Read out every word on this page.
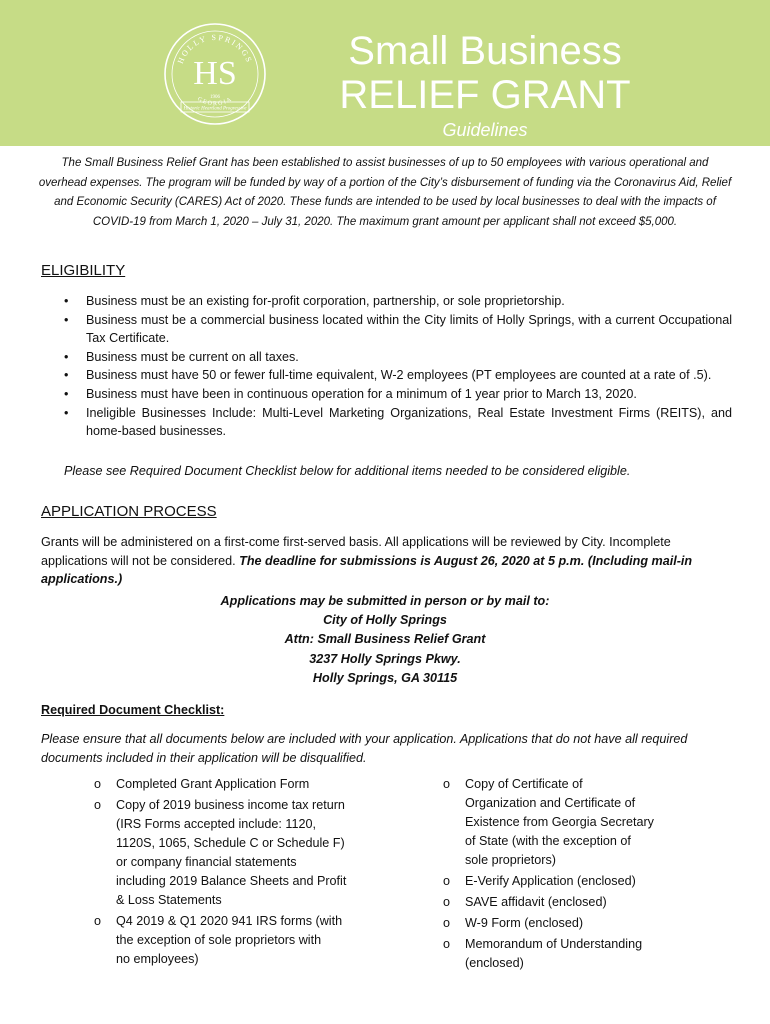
HOLLY SPRINGS
GEORGIA
HS
1906
Historic Heartland Progressive
Small Business
RELIEF GRANT
Guidelines
The Small Business Relief Grant has been established to assist businesses of up to 50 employees with various operational and overhead expenses. The program will be funded by way of a portion of the City’s disbursement of funding via the Coronavirus Aid, Relief and Economic Security (CARES) Act of 2020. These funds are intended to be used by local businesses to deal with the impacts of COVID-19 from March 1, 2020 – July 31, 2020. The maximum grant amount per applicant shall not exceed $5,000.
ELIGIBILITY
• Business must be an existing for-profit corporation, partnership, or sole proprietorship.
• Business must be a commercial business located within the City limits of Holly Springs, with a current Occupational Tax Certificate.
• Business must be current on all taxes.
• Business must have 50 or fewer full-time equivalent, W-2 employees (PT employees are counted at a rate of .5).
• Business must have been in continuous operation for a minimum of 1 year prior to March 13, 2020.
• Ineligible Businesses Include: Multi-Level Marketing Organizations, Real Estate Investment Firms (REITS), and home-based businesses.
Please see Required Document Checklist below for additional items needed to be considered eligible.
APPLICATION PROCESS
Grants will be administered on a first-come first-served basis. All applications will be reviewed by City. Incomplete applications will not be considered. The deadline for submissions is August 26, 2020 at 5 p.m. (Including mail-in applications.)
Applications may be submitted in person or by mail to:
City of Holly Springs
Attn: Small Business Relief Grant
3237 Holly Springs Pkwy.
Holly Springs, GA 30115
Required Document Checklist:
Please ensure that all documents below are included with your application. Applications that do not have all required documents included in their application will be disqualified.
o Completed Grant Application Form
o Copy of 2019 business income tax return
(IRS Forms accepted include: 1120,
1120S, 1065, Schedule C or Schedule F)
or company financial statements
including 2019 Balance Sheets and Profit
& Loss Statements
o Q4 2019 & Q1 2020 941 IRS forms (with
the exception of sole proprietors with
no employees)
o Copy of Certificate of
Organization and Certificate of
Existence from Georgia Secretary
of State (with the exception of
sole proprietors)
o E-Verify Application (enclosed)
o SAVE affidavit (enclosed)
o W-9 Form (enclosed)
o Memorandum of Understanding
(enclosed)
